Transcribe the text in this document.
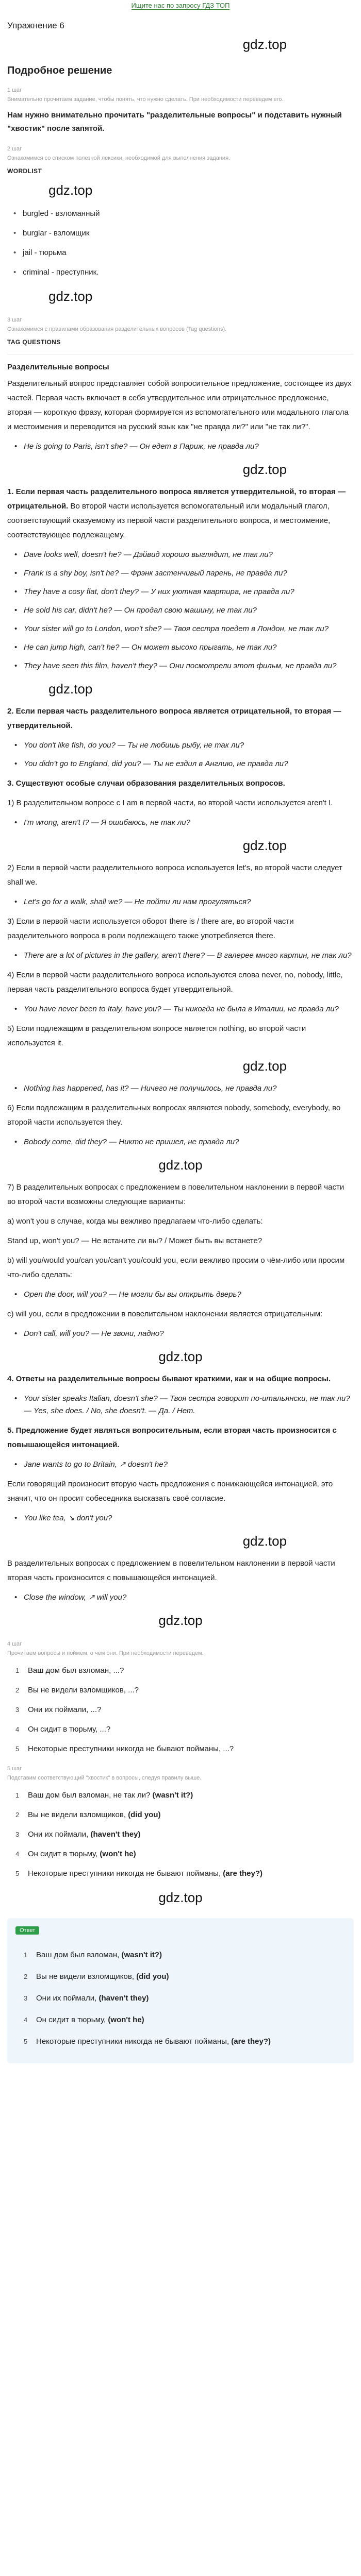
Ищите нас по запросу ГДЗ ТОП
Упражнение 6
gdz.top
Подробное решение
1 шаг
Внимательно прочитаем задание, чтобы понять, что нужно сделать. При необходимости переведем его.
Нам нужно внимательно прочитать "разделительные вопросы" и подставить нужный "хвостик" после запятой.
2 шаг
Ознакомимся со списком полезной лексики, необходимой для выполнения задания.
WORDLIST
gdz.top
• burgled - взломанный
• burglar - взломщик
• jail - тюрьма
• criminal - преступник.
gdz.top
3 шаг
Ознакомимся с правилами образования разделительных вопросов (Tag questions).
TAG QUESTIONS
Разделительные вопросы
Разделительный вопрос представляет собой вопросительное предложение, состоящее из двух частей. Первая часть включает в себя утвердительное или отрицательное предложение, вторая — короткую фразу, которая формируется из вспомогательного или модального глагола и местоимения и переводится на русский язык как "не правда ли?" или "не так ли?".
• He is going to Paris, isn't she? — Он едет в Париж, не правда ли?
gdz.top
1. Если первая часть разделительного вопроса является утвердительной, то вторая — отрицательной. Во второй части используется вспомогательный или модальный глагол, соответствующий сказуемому из первой части разделительного вопроса, и местоимение, соответствующее подлежащему.
• Dave looks well, doesn't he? — Дэйвид хорошо выглядит, не так ли?
• Frank is a shy boy, isn't he? — Фрэнк застенчивый парень, не правда ли?
• They have a cosy flat, don't they? — У них уютная квартира, не правда ли?
• He sold his car, didn't he? — Он продал свою машину, не так ли?
• Your sister will go to London, won't she? — Твоя сестра поедет в Лондон, не так ли?
• He can jump high, can't he? — Он может высоко прыгать, не так ли?
• They have seen this film, haven't they? — Они посмотрели этот фильм, не правда ли?
gdz.top
2. Если первая часть разделительного вопроса является отрицательной, то вторая — утвердительной.
• You don't like fish, do you? — Ты не любишь рыбу, не так ли?
• You didn't go to England, did you? — Ты не ездил в Англию, не правда ли?
3. Существуют особые случаи образования разделительных вопросов.
1) В разделительном вопросе с I am в первой части, во второй части используется aren't I.
• I'm wrong, aren't I? — Я ошибаюсь, не так ли?
gdz.top
2) Если в первой части разделительного вопроса используется let's, во второй части следует shall we.
• Let's go for a walk, shall we? — Не пойти ли нам прогуляться?
3) Если в первой части используется оборот there is / there are, во второй части разделительного вопроса в роли подлежащего также употребляется there.
• There are a lot of pictures in the gallery, aren't there? — В галерее много картин, не так ли?
4) Если в первой части разделительного вопроса используются слова never, no, nobody, little, первая часть разделительного вопроса будет утвердительной.
• You have never been to Italy, have you? — Ты никогда не была в Италии, не правда ли?
5) Если подлежащим в разделительном вопросе является nothing, во второй части используется it.
gdz.top
• Nothing has happened, has it? — Ничего не получилось, не правда ли?
6) Если подлежащим в разделительных вопросах являются nobody, somebody, everybody, во второй части используется they.
• Bobody come, did they? — Никто не пришел, не правда ли?
gdz.top
7) В разделительных вопросах с предложением в повелительном наклонении в первой части во второй части возможны следующие варианты:
a) won't you в случае, когда мы вежливо предлагаем что-либо сделать:
Stand up, won't you? — Не встаните ли вы? / Может быть вы встанете?
b) will you/would you/can you/can't you/could you, если вежливо просим о чём-либо или просим что-либо сделать:
• Open the door, will you? — Не могли бы вы открыть дверь?
c) will you, если в предложении в повелительном наклонении является отрицательным:
• Don't call, will you? — Не звони, ладно?
gdz.top
4. Ответы на разделительные вопросы бывают краткими, как и на общие вопросы.
• Your sister speaks Italian, doesn't she? — Твоя сестра говорит по-итальянски, не так ли? — Yes, she does. / No, she doesn't. — Да. / Нет.
5. Предложение будет являться вопросительным, если вторая часть произносится с повышающейся интонацией.
• Jane wants to go to Britain, ↗ doesn't he?
Если говорящий произносит вторую часть предложения с понижающейся интонацией, это значит, что он просит собеседника высказать своё согласие.
• You like tea, ↘ don't you?
gdz.top
В разделительных вопросах с предложением в повелительном наклонении в первой части вторая часть произносится с повышающейся интонацией.
• Close the window, ↗ will you?
gdz.top
4 шаг
Прочитаем вопросы и поймем, о чем они. При необходимости переведем.
1 Ваш дом был взломан, ...?
2 Вы не видели взломщиков, ...?
3 Они их поймали, ...?
4 Он сидит в тюрьму, ...?
5 Некоторые преступники никогда не бывают пойманы, ...?
5 шаг
Подставим соответствующий "хвостик" в вопросы, следуя правилу выше.
1 Ваш дом был взломан, не так ли? (wasn't it?)
2 Вы не видели взломщиков, (did you)
3 Они их поймали, (haven't they)
4 Он сидит в тюрьму, (won't he)
5 Некоторые преступники никогда не бывают пойманы, (are they?)
gdz.top
Ответ
1 Ваш дом был взломан, (wasn't it?)
2 Вы не видели взломщиков, (did you)
3 Они их поймали, (haven't they)
4 Он сидит в тюрьму, (won't he)
5 Некоторые преступники никогда не бывают пойманы, (are they?)
